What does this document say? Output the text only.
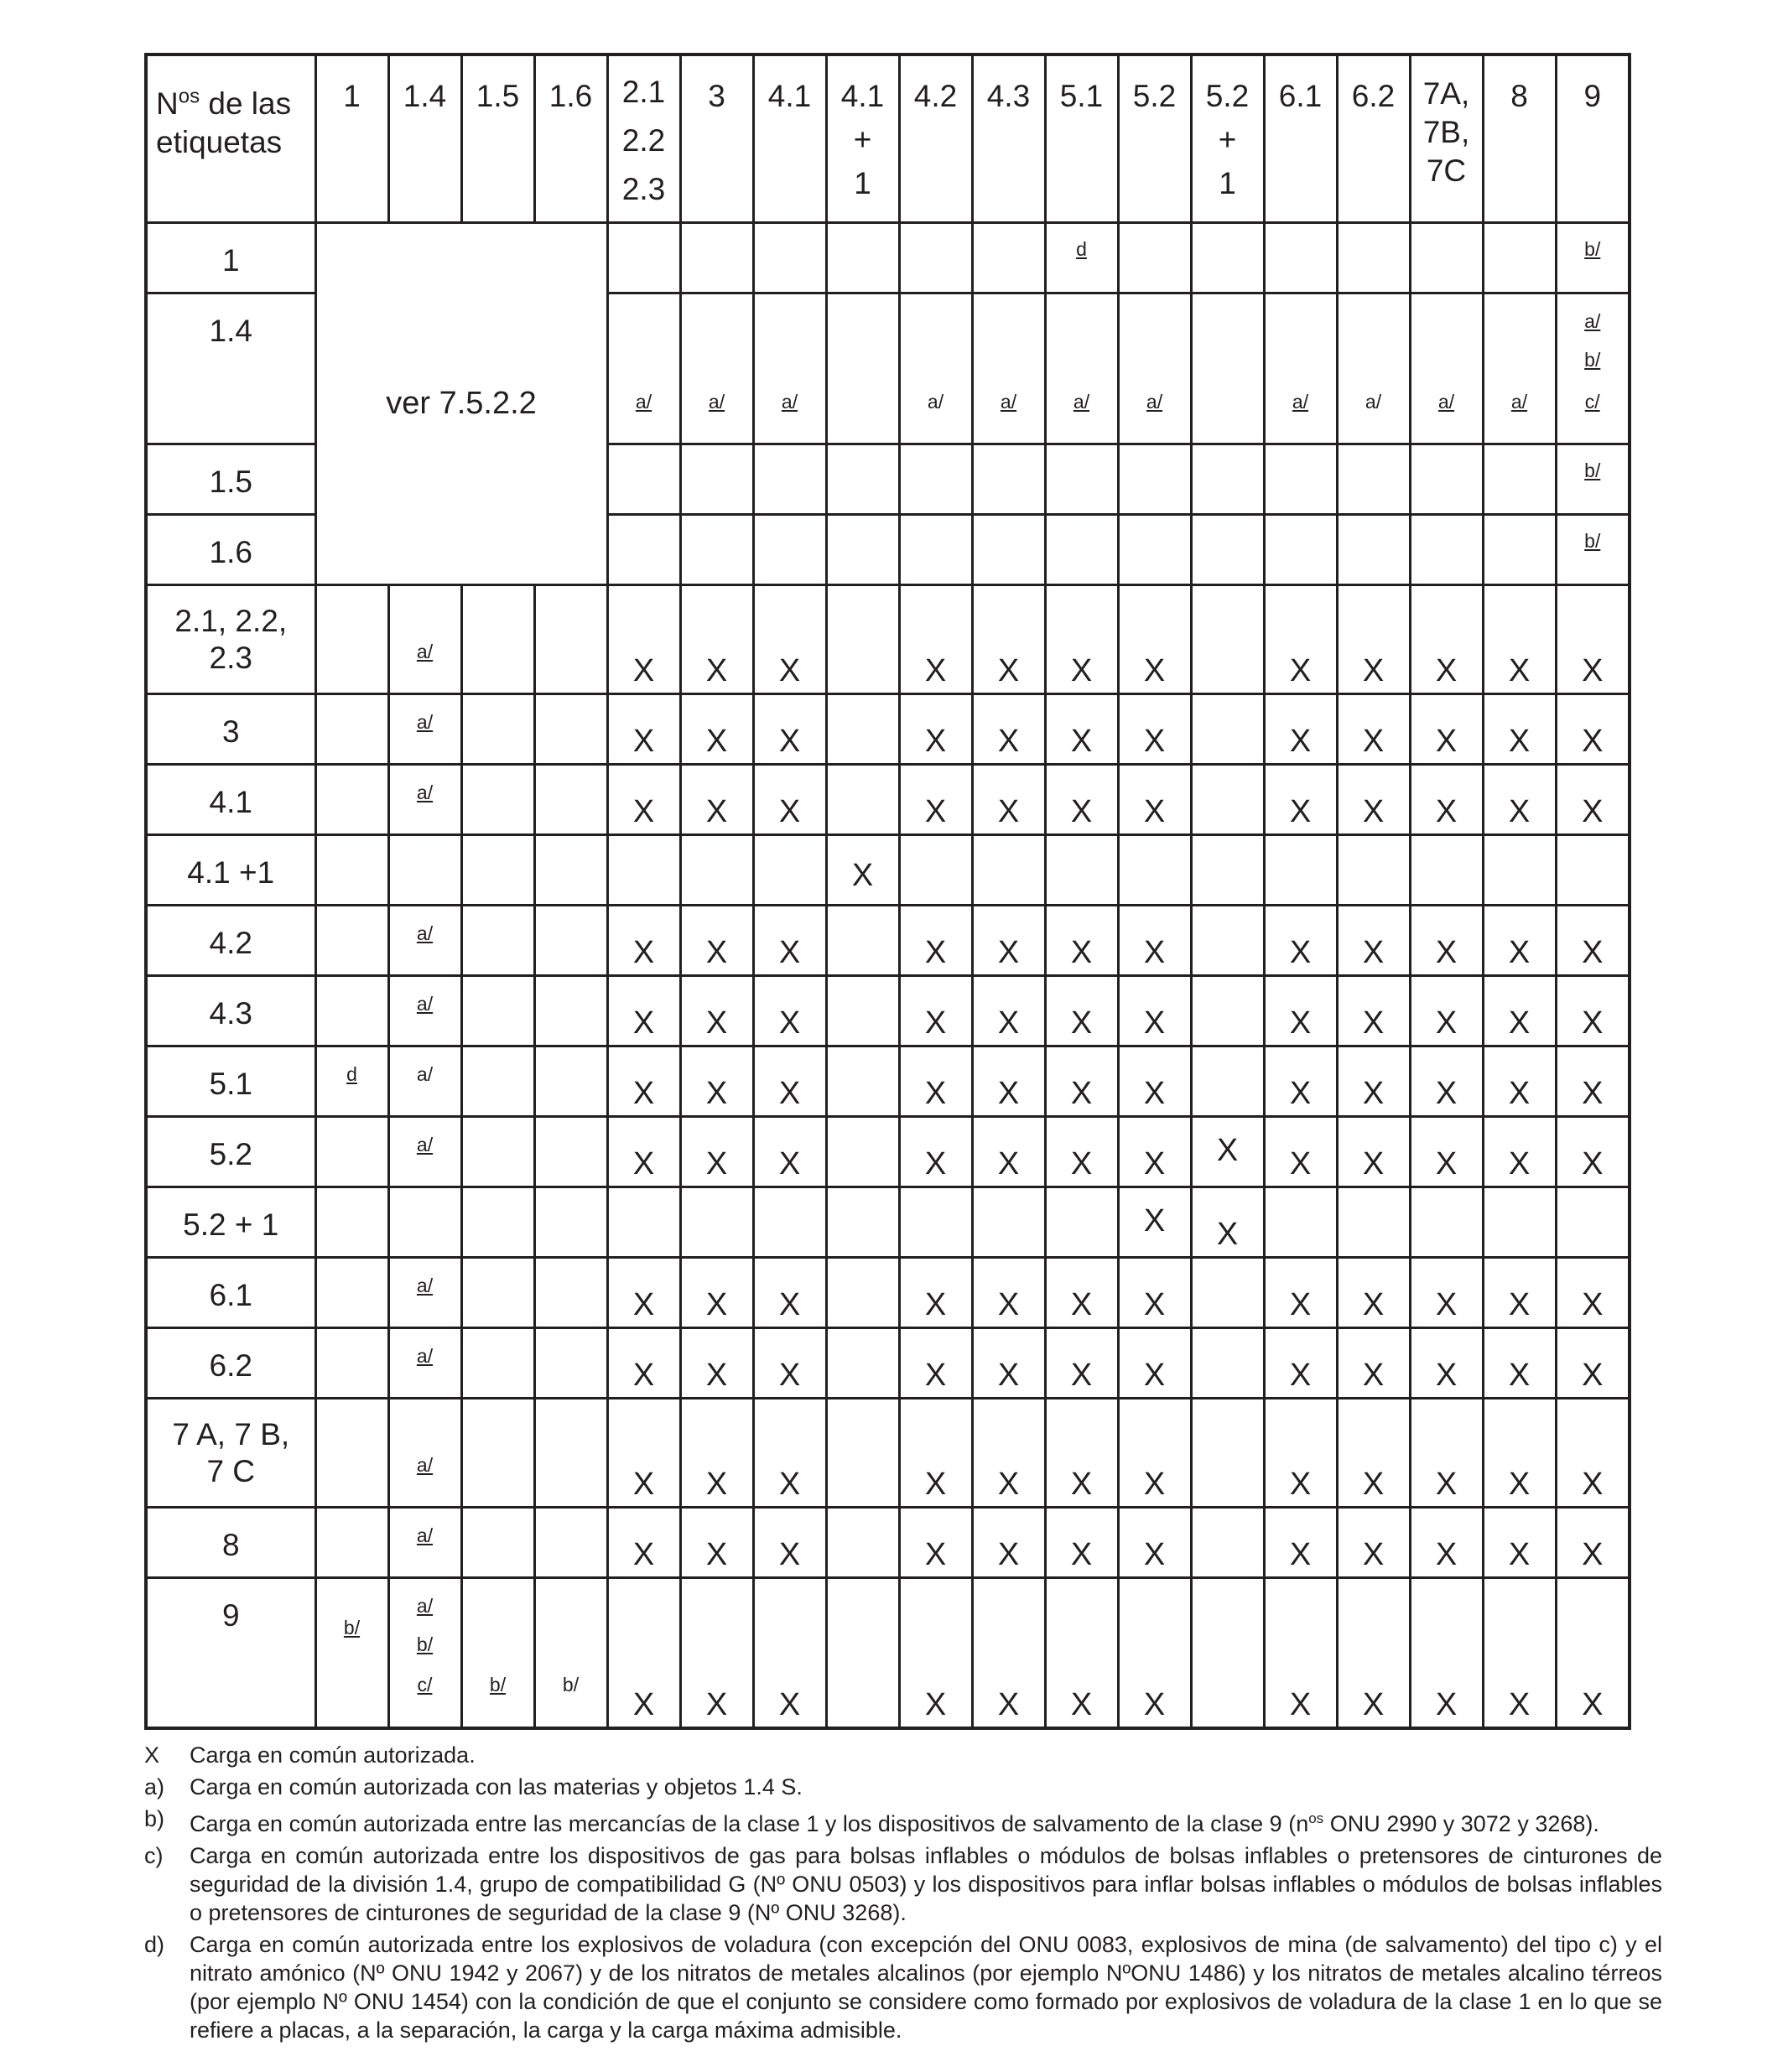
$N^{os}$ de las
etiquetas	1	1.4	1.5	1.6	2.1
2.2
2.3	3	4.1	4.1
+
1	4.2	4.3	5.1	5.2	5.2
+
1	6.1	6.2	7A,
7B,
7C	8	9

1	ver 7.5.2.2										d							b/

1.4					a/	a/	a/		a/	a/	a/	a/		a/	a/	a/	a/	a/
b/
c/

1.5																		b/

1.6																		b/

2.1, 2.2,
2.3		a/			X	X	X		X	X	X	X		X	X	X	X	X

3		a/			X	X	X		X	X	X	X		X	X	X	X	X

4.1		a/			X	X	X		X	X	X	X		X	X	X	X	X

4.1 +1								X										

4.2		a/			X	X	X		X	X	X	X		X	X	X	X	X

4.3		a/			X	X	X		X	X	X	X		X	X	X	X	X

5.1	d	a/			X	X	X		X	X	X	X		X	X	X	X	X

5.2		a/			X	X	X		X	X	X	X	X	X	X	X	X	X

5.2 + 1												X	X					

6.1		a/			X	X	X		X	X	X	X		X	X	X	X	X

6.2		a/			X	X	X		X	X	X	X		X	X	X	X	X

7 A, 7 B,
7 C		a/			X	X	X		X	X	X	X		X	X	X	X	X

8		a/			X	X	X		X	X	X	X		X	X	X	X	X

9	b/	a/
b/
c/	b/	b/	X	X	X		X	X	X	X		X	X	X	X	X
X	Carga en común autorizada.
a)	Carga en común autorizada con las materias y objetos 1.4 S.
b)	Carga en común autorizada entre las mercancías de la clase 1 y los dispositivos de salvamento de la clase 9 ($n^{os}$ ONU 2990 y 3072 y 3268).
c)	Carga en común autorizada entre los dispositivos de gas para bolsas inflables o módulos de bolsas inflables o pretensores de cinturones de seguridad de la división 1.4, grupo de compatibilidad G (Nº ONU 0503) y los dispositivos para inflar bolsas inflables o módulos de bolsas inflables o pretensores de cinturones de seguridad de la clase 9 (Nº ONU 3268).
d)	Carga en común autorizada entre los explosivos de voladura (con excepción del ONU 0083, explosivos de mina (de salvamento) del tipo c) y el nitrato amónico (Nº ONU 1942 y 2067) y de los nitratos de metales alcalinos (por ejemplo NºONU 1486) y los nitratos de metales alcalino térreos (por ejemplo Nº ONU 1454) con la condición de que el conjunto se considere como formado por explosivos de voladura de la clase 1 en lo que se refiere a placas, a la separación, la carga y la carga máxima admisible.
